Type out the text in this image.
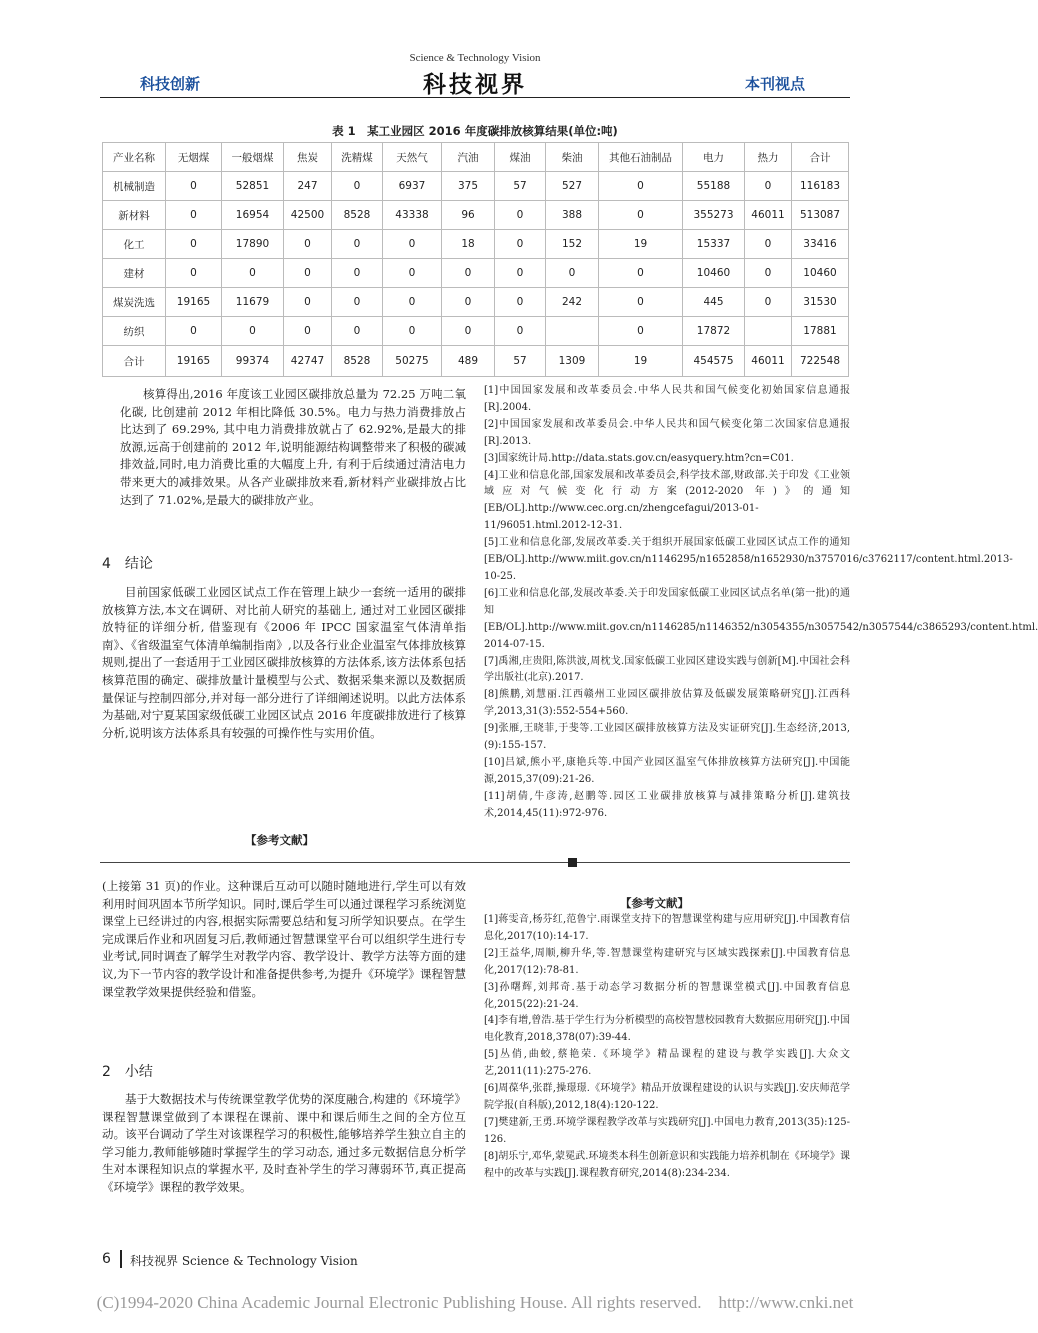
Science & Technology Vision
科技创新	科技视界	本刊视点
表 1　某工业园区 2016 年度碳排放核算结果(单位:吨)
产业名称	无烟煤	一般烟煤	焦炭	洗精煤	天然气	汽油	煤油	柴油	其他石油制品	电力	热力	合计
机械制造	0	52851	247	0	6937	375	57	527	0	55188	0	116183
新材料	0	16954	42500	8528	43338	96	0	388	0	355273	46011	513087
化工	0	17890	0	0	0	18	0	152	19	15337	0	33416
建材	0	0	0	0	0	0	0	0	0	10460	0	10460
煤炭洗选	19165	11679	0	0	0	0	0	242	0	445	0	31530
纺织	0	0	0	0	0	0	0		0	17872		17881
合计	19165	99374	42747	8528	50275	489	57	1309	19	454575	46011	722548

核算得出,2016 年度该工业园区碳排放总量为 72.25 万吨二氧化碳, 比创建前 2012 年相比降低 30.5%。电力与热力消费排放占比达到了 69.29%, 其中电力消费排放就占了 62.92%,是最大的排放源,远高于创建前的 2012 年,说明能源结构调整带来了积极的碳减排效益,同时,电力消费比重的大幅度上升, 有利于后续通过清洁电力带来更大的减排效果。从各产业碳排放来看,新材料产业碳排放占比达到了 71.02%,是最大的碳排放产业。

4　结论

目前国家低碳工业园区试点工作在管理上缺少一套统一适用的碳排放核算方法,本文在调研、对比前人研究的基础上, 通过对工业园区碳排放特征的详细分析, 借鉴现有《2006 年 IPCC 国家温室气体清单指南》、《省级温室气体清单编制指南》,以及各行业企业温室气体排放核算规则,提出了一套适用于工业园区碳排放核算的方法体系,该方法体系包括核算范围的确定、碳排放量计量模型与公式、数据采集来源以及数据质量保证与控制四部分,并对每一部分进行了详细阐述说明。以此方法体系为基础,对宁夏某国家级低碳工业园区试点 2016 年度碳排放进行了核算分析,说明该方法体系具有较强的可操作性与实用价值。

【参考文献】
[1]中国国家发展和改革委员会.中华人民共和国气候变化初始国家信息通报[R].2004.
[2]中国国家发展和改革委员会.中华人民共和国气候变化第二次国家信息通报[R].2013.
[3]国家统计局.http://data.stats.gov.cn/easyquery.htm?cn=C01.
[4]工业和信息化部,国家发展和改革委员会,科学技术部,财政部.关于印发《工业领域应对气候变化行动方案(2012-2020 年)》的通知[EB/OL].http://www.cec.org.cn/zhengcefagui/2013-01-11/96051.html.2012-12-31.
[5]工业和信息化部,发展改革委.关于组织开展国家低碳工业园区试点工作的通知[EB/OL].http://www.miit.gov.cn/n1146295/n1652858/n1652930/n3757016/c3762117/content.html.2013-10-25.
[6]工业和信息化部,发展改革委.关于印发国家低碳工业园区试点名单(第一批)的通知[EB/OL].http://www.miit.gov.cn/n1146285/n1146352/n3054355/n3057542/n3057544/c3865293/content.html. 2014-07-15.
[7]禹湘,庄贵阳,陈洪波,周枕戈.国家低碳工业园区建设实践与创新[M].中国社会科学出版社(北京).2017.
[8]熊鹏,刘慧丽.江西赣州工业园区碳排放估算及低碳发展策略研究[J].江西科学,2013,31(3):552-554+560.
[9]张雁,王晓菲,于斐等.工业园区碳排放核算方法及实证研究[J].生态经济,2013,(9):155-157.
[10]吕斌,熊小平,康艳兵等.中国产业园区温室气体排放核算方法研究[J].中国能源,2015,37(09):21-26.
[11]胡倩,牛彦涛,赵鹏等.园区工业碳排放核算与减排策略分析[J].建筑技术,2014,45(11):972-976.

(上接第 31 页)的作业。这种课后互动可以随时随地进行,学生可以有效利用时间巩固本节所学知识。同时,课后学生可以通过课程学习系统浏览课堂上已经讲过的内容,根据实际需要总结和复习所学知识要点。在学生完成课后作业和巩固复习后,教师通过智慧课堂平台可以组织学生进行专业考试,同时调查了解学生对教学内容、教学设计、教学方法等方面的建议,为下一节内容的教学设计和准备提供参考,为提升《环境学》课程智慧课堂教学效果提供经验和借鉴。

2　小结

基于大数据技术与传统课堂教学优势的深度融合,构建的《环境学》课程智慧课堂做到了本课程在课前、课中和课后师生之间的全方位互动。该平台调动了学生对该课程学习的积极性,能够培养学生独立自主的学习能力,教师能够随时掌握学生的学习动态, 通过多元数据信息分析学生对本课程知识点的掌握水平, 及时查补学生的学习薄弱环节,真正提高《环境学》课程的教学效果。

【参考文献】
[1]蒋雯音,杨芬红,范鲁宁.雨课堂支持下的智慧课堂构建与应用研究[J].中国教育信息化,2017(10):14-17.
[2]王益华,周顺,柳升华,等.智慧课堂构建研究与区域实践探索[J].中国教育信息化,2017(12):78-81.
[3]孙曙辉,刘邦奇.基于动态学习数据分析的智慧课堂模式[J].中国教育信息化,2015(22):21-24.
[4]李有增,曾浩.基于学生行为分析模型的高校智慧校园教育大数据应用研究[J].中国电化教育,2018,378(07):39-44.
[5]丛俏,曲蛟,蔡艳荣.《环境学》精品课程的建设与教学实践[J].大众文艺,2011(11):275-276.
[6]周葆华,张群,操璟璟.《环境学》精品开放课程建设的认识与实践[J].安庆师范学院学报(自科版),2012,18(4):120-122.
[7]樊建新,王勇.环境学课程教学改革与实践研究[J].中国电力教育,2013(35):125-126.
[8]胡乐宁,邓华,蒙冕武.环境类本科生创新意识和实践能力培养机制在《环境学》课程中的改革与实践[J].课程教育研究,2014(8):234-234.
6 科技视界 Science & Technology Vision
(C)1994-2020 China Academic Journal Electronic Publishing House. All rights reserved.　http://www.cnki.net
